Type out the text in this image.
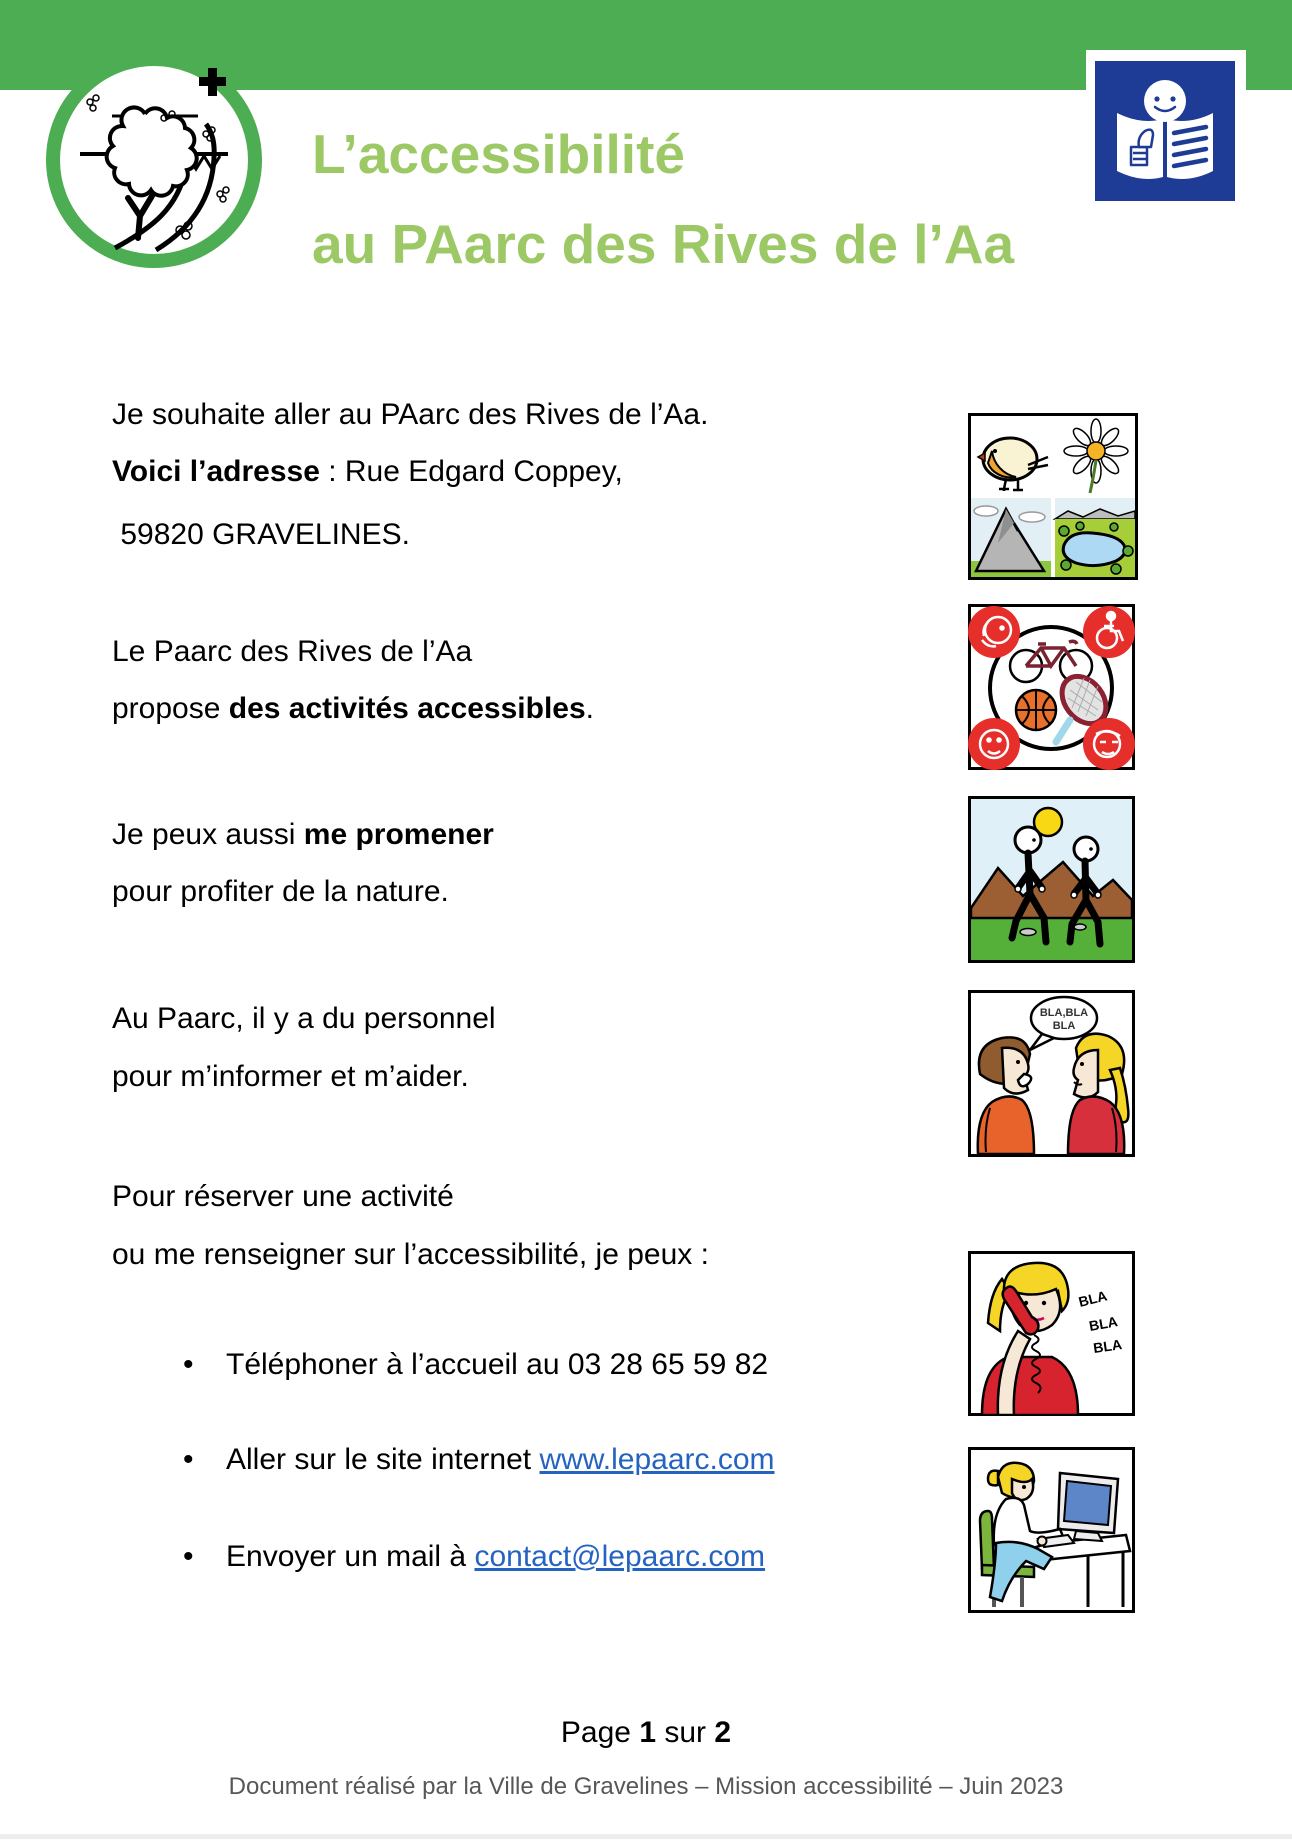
L’accessibilité
au PAarc des Rives de l’Aa
Je souhaite aller au PAarc des Rives de l’Aa.
Voici l’adresse : Rue Edgard Coppey,
59820 GRAVELINES.
Le Paarc des Rives de l’Aa
propose des activités accessibles.
Je peux aussi me promener
pour profiter de la nature.
Au Paarc, il y a du personnel
pour m’informer et m’aider.
Pour réserver une activité
ou me renseigner sur l’accessibilité, je peux :
•	Téléphoner à l’accueil au 03 28 65 59 82
•	Aller sur le site internet www.lepaarc.com
•	Envoyer un mail à contact@lepaarc.com
BLA,BLA
BLA
BLA
BLA
BLA
Page 1 sur 2
Document réalisé par la Ville de Gravelines – Mission accessibilité – Juin 2023
